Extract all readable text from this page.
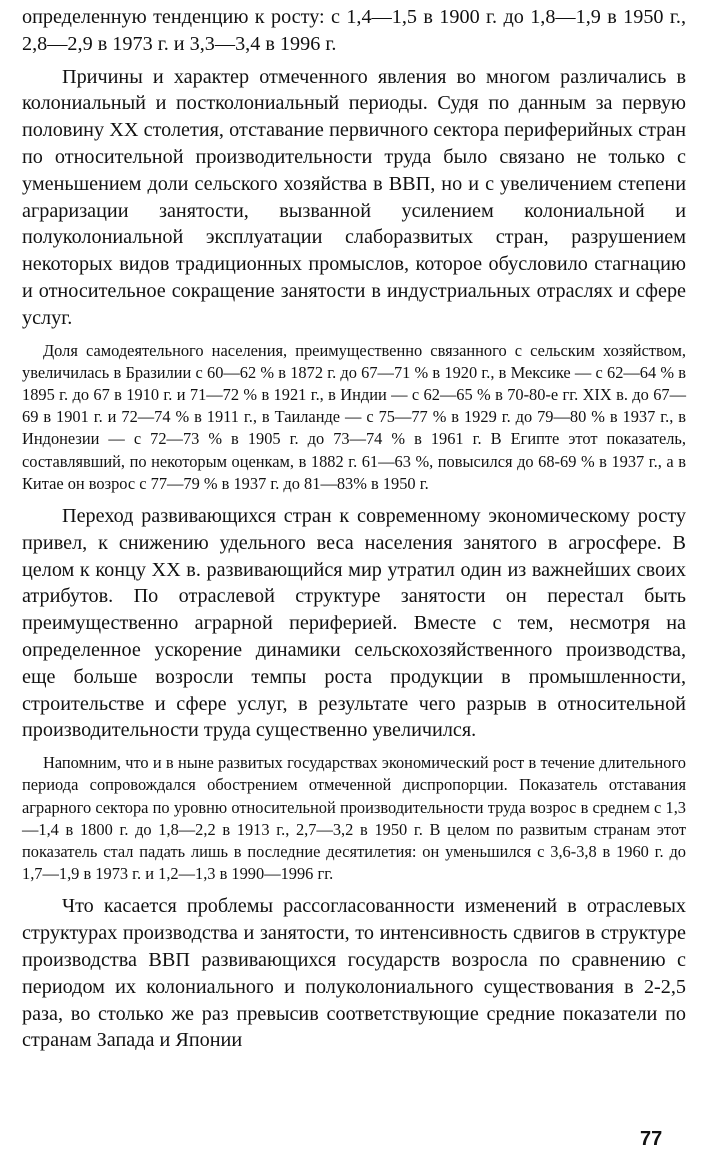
определенную тенденцию к росту: с 1,4—1,5 в 1900 г. до 1,8—1,9 в 1950 г., 2,8—2,9 в 1973 г. и 3,3—3,4 в 1996 г.

Причины и характер отмеченного явления во многом различались в колониальный и постколониальный периоды. Судя по данным за первую половину XX столетия, отставание первичного сектора периферийных стран по относительной производительности труда было связано не только с уменьшением доли сельского хозяйства в ВВП, но и с увеличением степени аграризации занятости, вызванной усилением колониальной и полуколониальной эксплуатации слаборазвитых стран, разрушением некоторых видов традиционных промыслов, которое обусловило стагнацию и относительное сокращение занятости в индустриальных отраслях и сфере услуг.

Доля самодеятельного населения, преимущественно связанного с сельским хозяйством, увеличилась в Бразилии с 60—62 % в 1872 г. до 67—71 % в 1920 г., в Мексике — с 62—64 % в 1895 г. до 67 в 1910 г. и 71—72 % в 1921 г., в Индии — с 62—65 % в 70-80-е гг. XIX в. до 67—69 в 1901 г. и 72—74 % в 1911 г., в Таиланде — с 75—77 % в 1929 г. до 79—80 % в 1937 г., в Индонезии — с 72—73 % в 1905 г. до 73—74 % в 1961 г. В Египте этот показатель, составлявший, по некоторым оценкам, в 1882 г. 61—63 %, повысился до 68-69 % в 1937 г., а в Китае он возрос с 77—79 % в 1937 г. до 81—83% в 1950 г.

Переход развивающихся стран к современному экономическому росту привел, к снижению удельного веса населения занятого в агросфере. В целом к концу XX в. развивающийся мир утратил один из важнейших своих атрибутов. По отраслевой структуре занятости он перестал быть преимущественно аграрной периферией. Вместе с тем, несмотря на определенное ускорение динамики сельскохозяйственного производства, еще больше возросли темпы роста продукции в промышленности, строительстве и сфере услуг, в результате чего разрыв в относительной производительности труда существенно увеличился.

Напомним, что и в ныне развитых государствах экономический рост в течение длительного периода сопровождался обострением отмеченной диспропорции. Показатель отставания аграрного сектора по уровню относительной производительности труда возрос в среднем с 1,3—1,4 в 1800 г. до 1,8—2,2 в 1913 г., 2,7—3,2 в 1950 г. В целом по развитым странам этот показатель стал падать лишь в последние десятилетия: он уменьшился с 3,6-3,8 в 1960 г. до 1,7—1,9 в 1973 г. и 1,2—1,3 в 1990—1996 гг.

Что касается проблемы рассогласованности изменений в отраслевых структурах производства и занятости, то интенсивность сдвигов в структуре производства ВВП развивающихся государств возросла по сравнению с периодом их колониального и полуколониального существования в 2-2,5 раза, во столько же раз превысив соответствующие средние показатели по странам Запада и Японии

77
